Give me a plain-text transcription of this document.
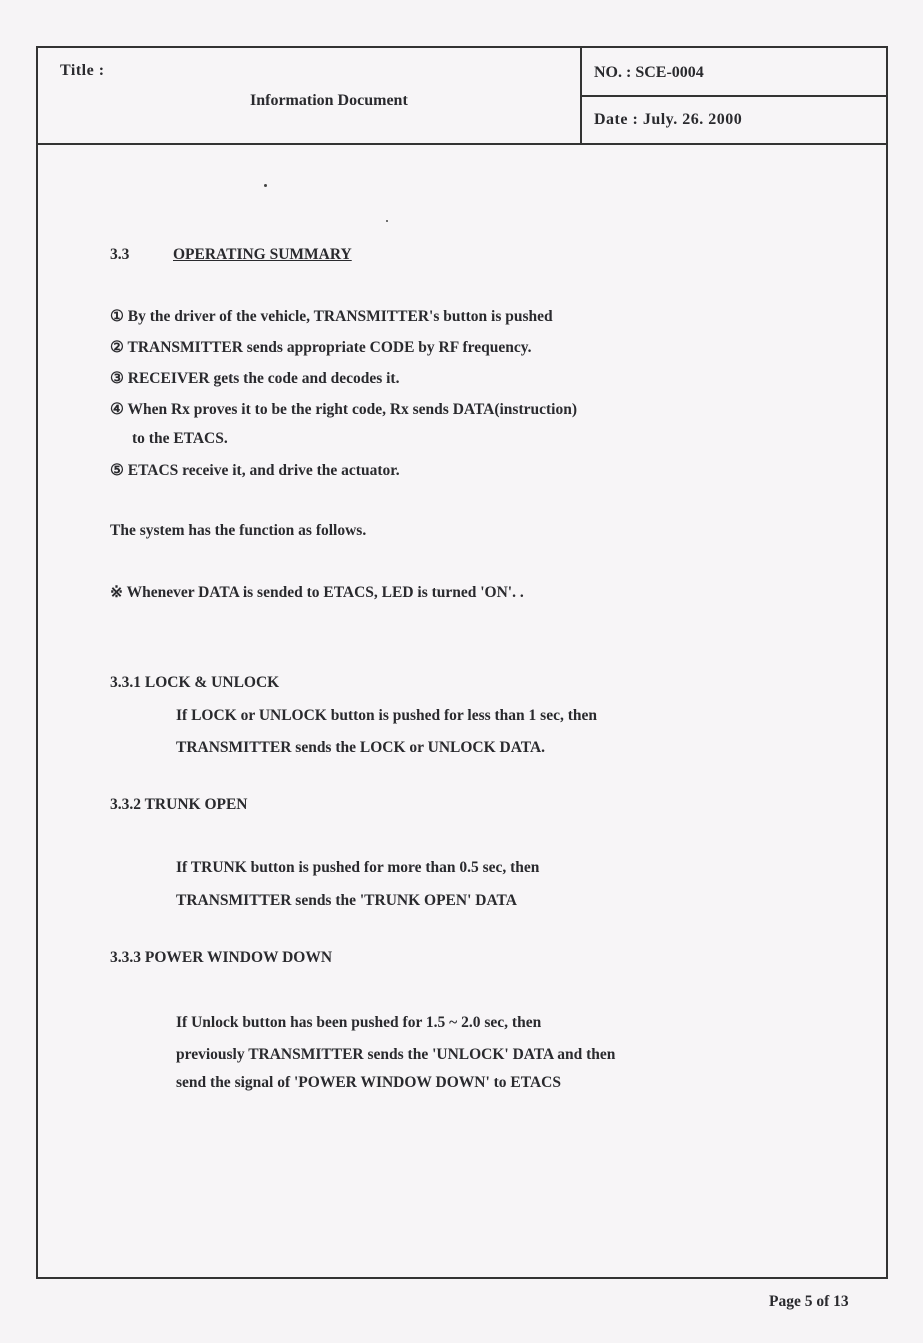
Title :
Information Document
NO. : SCE-0004
Date : July. 26. 2000
3.3	OPERATING SUMMARY
① By the driver of the vehicle, TRANSMITTER's button is pushed
② TRANSMITTER sends appropriate CODE by RF frequency.
③ RECEIVER gets the code and decodes it.
④ When Rx proves it to be the right code, Rx sends DATA(instruction)
to the ETACS.
⑤ ETACS receive it, and drive the actuator.
The system has the function as follows.
※ Whenever DATA is sended to ETACS, LED is turned 'ON'. .
3.3.1 LOCK & UNLOCK
If LOCK or UNLOCK button is pushed for less than 1 sec, then
TRANSMITTER sends the LOCK or UNLOCK DATA.
3.3.2 TRUNK OPEN
If TRUNK button is pushed for more than 0.5 sec, then
TRANSMITTER sends the 'TRUNK OPEN' DATA
3.3.3 POWER WINDOW DOWN
If Unlock button has been pushed for 1.5 ~ 2.0 sec, then
previously TRANSMITTER sends the 'UNLOCK' DATA and then
send the signal of 'POWER WINDOW DOWN' to ETACS
Page 5 of 13
